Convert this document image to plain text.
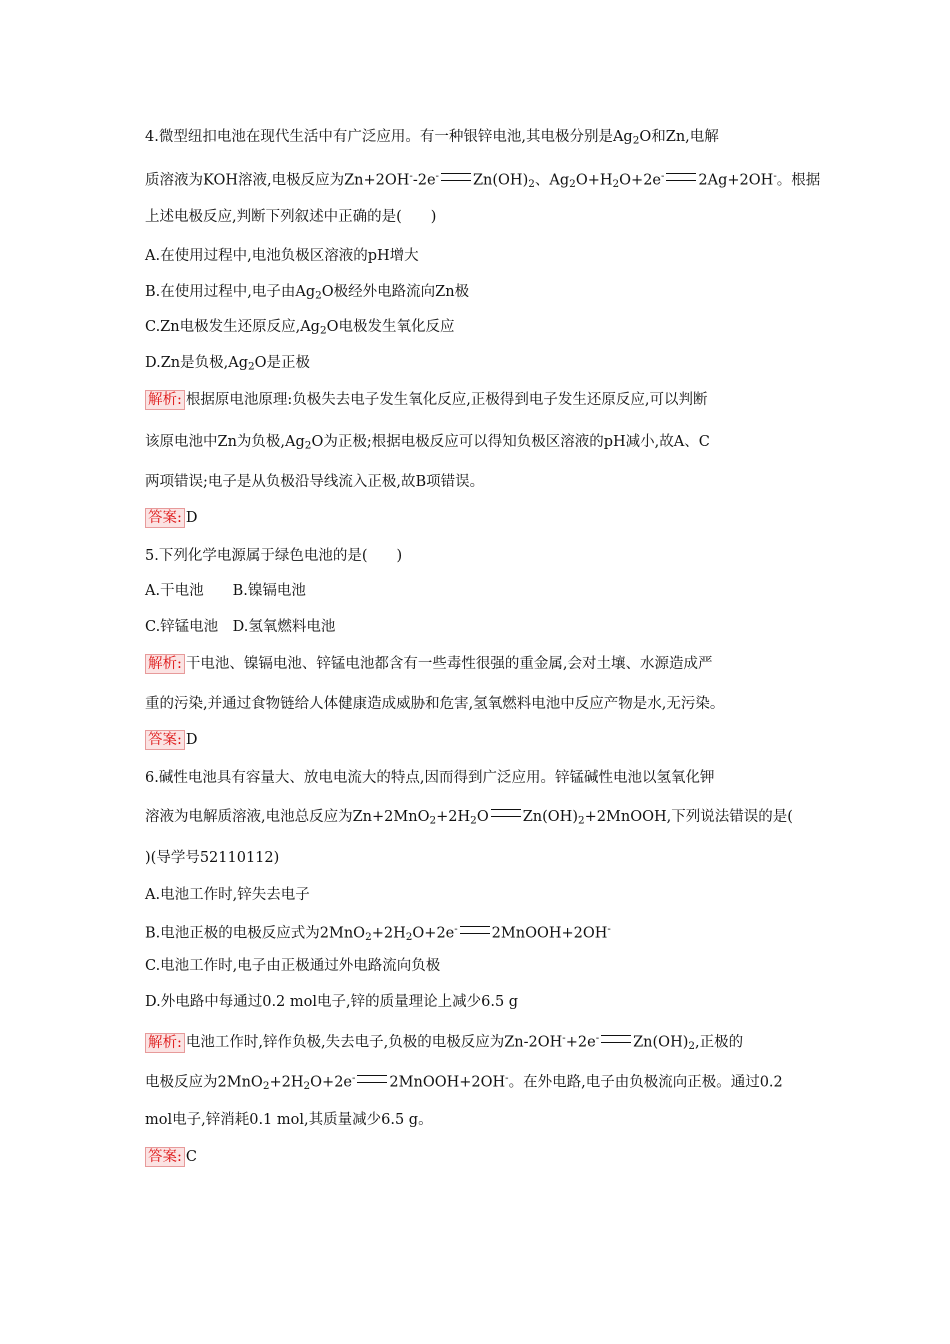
4.微型纽扣电池在现代生活中有广泛应用。有一种银锌电池,其电极分别是$Ag_2O$和Zn,电解
质溶液为KOH溶液,电极反应为Zn+2OH--2e- $Zn(OH)_2$、$Ag_2O+H_2O+2e^-$ 2Ag+2OH-。根据
上述电极反应,判断下列叙述中正确的是(　　)
A.在使用过程中,电池负极区溶液的pH增大
B.在使用过程中,电子由$Ag_2O$极经外电路流向Zn极
C.Zn电极发生还原反应$,Ag_2O$电极发生氧化反应
D.Zn是负极$,Ag_2O$是正极
解析: 根据原电池原理:负极失去电子发生氧化反应,正极得到电子发生还原反应,可以判断
该原电池中Zn为负极$,Ag_2O$为正极;根据电极反应可以得知负极区溶液的pH减小,故A、C
两项错误;电子是从负极沿导线流入正极,故B项错误。
答案: D
5.下列化学电源属于绿色电池的是(　　)
A.干电池　　B.镍镉电池
C.锌锰电池　D.氢氧燃料电池
解析: 干电池、镍镉电池、锌锰电池都含有一些毒性很强的重金属,会对土壤、水源造成严
重的污染,并通过食物链给人体健康造成威胁和危害,氢氧燃料电池中反应产物是水,无污染。
答案: D
6.碱性电池具有容量大、放电电流大的特点,因而得到广泛应用。锌锰碱性电池以氢氧化钾
溶液为电解质溶液,电池总反应为$Zn+2MnO_2+2H_2O$ $Zn(OH)_2+2MnOOH$,下列说法错误的是(
)(导学号52110112)
A.电池工作时,锌失去电子
B.电池正极的电极反应式为$2MnO_2+2H_2O+2e^-$ 2MnOOH+2OH-
C.电池工作时,电子由正极通过外电路流向负极
D.外电路中每通过0.2 mol电子,锌的质量理论上减少6.5 g
解析: 电池工作时,锌作负极,失去电子,负极的电极反应为Zn-2OH-+2e- $Zn(OH)_2$,正极的
电极反应为$2MnO_2+2H_2O+2e^-$ 2MnOOH+2OH-。在外电路,电子由负极流向正极。通过0.2
mol电子,锌消耗0.1 mol,其质量减少6.5 g。
答案: C
